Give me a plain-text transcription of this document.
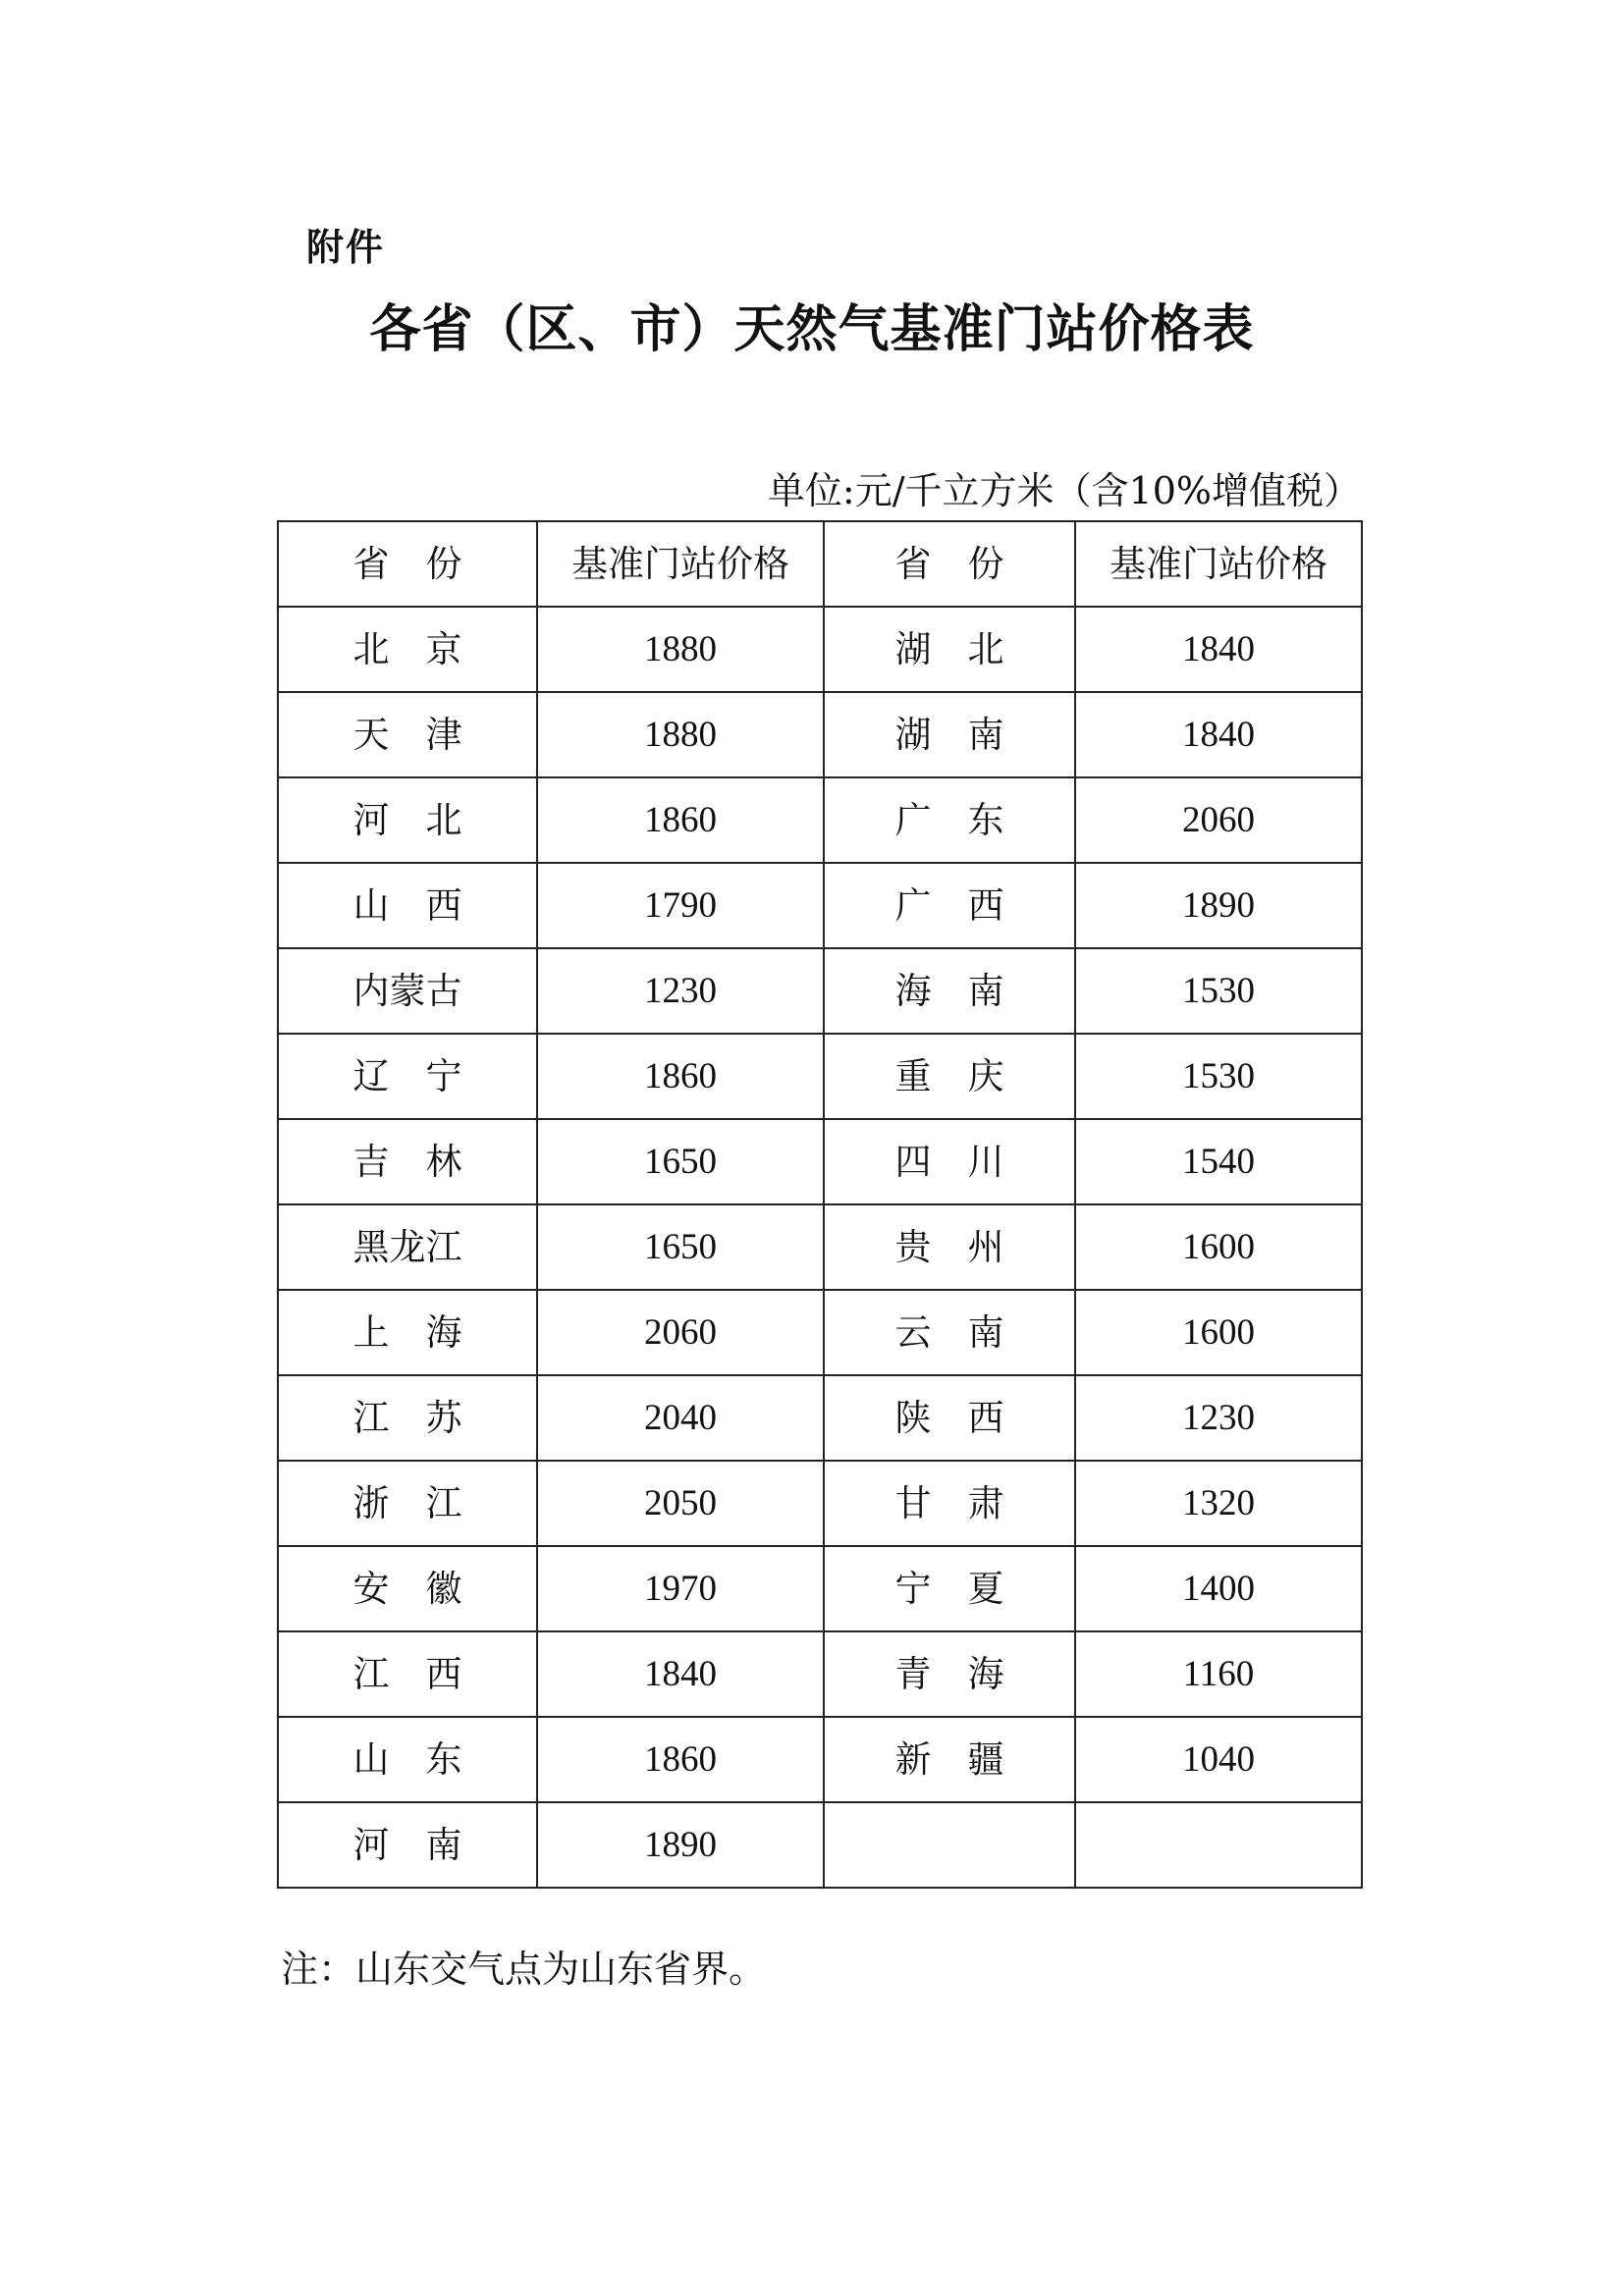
附件
各省（区、市）天然气基准门站价格表
单位:元/千立方米（含10%增值税）
省　份	基准门站价格	省　份	基准门站价格
北　京	1880	湖　北	1840
天　津	1880	湖　南	1840
河　北	1860	广　东	2060
山　西	1790	广　西	1890
内蒙古	1230	海　南	1530
辽　宁	1860	重　庆	1530
吉　林	1650	四　川	1540
黑龙江	1650	贵　州	1600
上　海	2060	云　南	1600
江　苏	2040	陕　西	1230
浙　江	2050	甘　肃	1320
安　徽	1970	宁　夏	1400
江　西	1840	青　海	1160
山　东	1860	新　疆	1040
河　南	1890		
注：山东交气点为山东省界。
